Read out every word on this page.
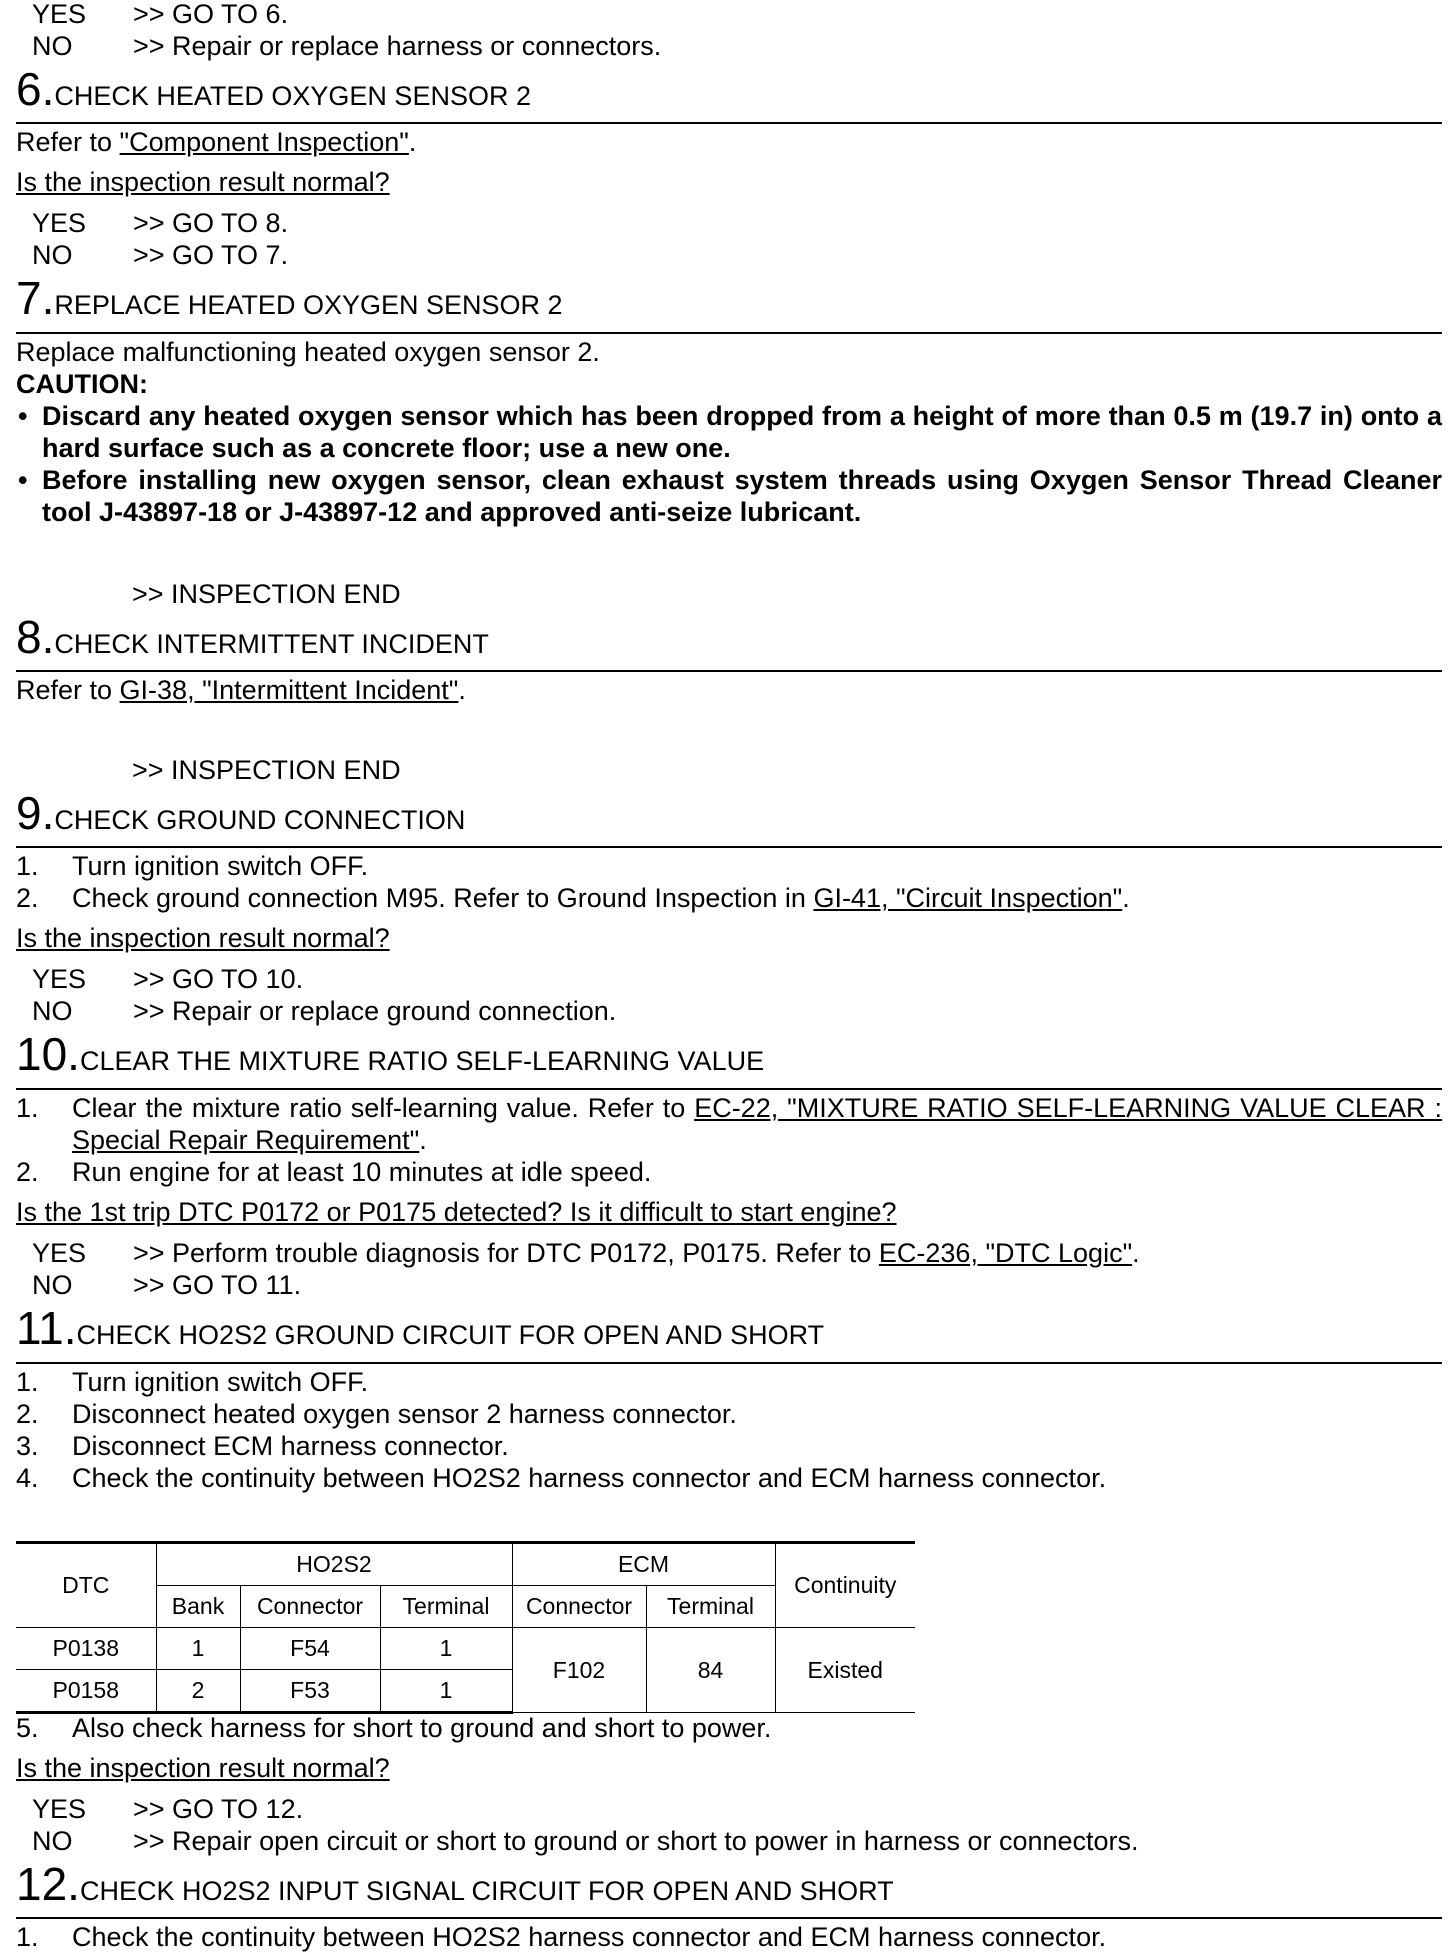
YES >> GO TO 6.
NO >> Repair or replace harness or connectors.
6.CHECK HEATED OXYGEN SENSOR 2
Refer to "Component Inspection".
Is the inspection result normal?
YES >> GO TO 8.
NO >> GO TO 7.
7.REPLACE HEATED OXYGEN SENSOR 2
Replace malfunctioning heated oxygen sensor 2.
CAUTION:
• Discard any heated oxygen sensor which has been dropped from a height of more than 0.5 m (19.7 in) onto a hard surface such as a concrete floor; use a new one.
• Before installing new oxygen sensor, clean exhaust system threads using Oxygen Sensor Thread Cleaner tool J-43897-18 or J-43897-12 and approved anti-seize lubricant.
>> INSPECTION END
8.CHECK INTERMITTENT INCIDENT
Refer to GI-38, "Intermittent Incident".
>> INSPECTION END
9.CHECK GROUND CONNECTION
1.	Turn ignition switch OFF.
2.	Check ground connection M95. Refer to Ground Inspection in GI-41, "Circuit Inspection".
Is the inspection result normal?
YES >> GO TO 10.
NO >> Repair or replace ground connection.
10.CLEAR THE MIXTURE RATIO SELF-LEARNING VALUE
1.	Clear the mixture ratio self-learning value. Refer to EC-22, "MIXTURE RATIO SELF-LEARNING VALUE CLEAR : Special Repair Requirement".
2.	Run engine for at least 10 minutes at idle speed.
Is the 1st trip DTC P0172 or P0175 detected? Is it difficult to start engine?
YES >> Perform trouble diagnosis for DTC P0172, P0175. Refer to EC-236, "DTC Logic".
NO >> GO TO 11.
11.CHECK HO2S2 GROUND CIRCUIT FOR OPEN AND SHORT
1.	Turn ignition switch OFF.
2.	Disconnect heated oxygen sensor 2 harness connector.
3.	Disconnect ECM harness connector.
4.	Check the continuity between HO2S2 harness connector and ECM harness connector.
DTC	HO2S2			ECM		Continuity
	Bank	Connector	Terminal	Connector	Terminal	
P0138	1	F54	1	F102	84	Existed
P0158	2	F53	1			
5.	Also check harness for short to ground and short to power.
Is the inspection result normal?
YES >> GO TO 12.
NO >> Repair open circuit or short to ground or short to power in harness or connectors.
12.CHECK HO2S2 INPUT SIGNAL CIRCUIT FOR OPEN AND SHORT
1.	Check the continuity between HO2S2 harness connector and ECM harness connector.
